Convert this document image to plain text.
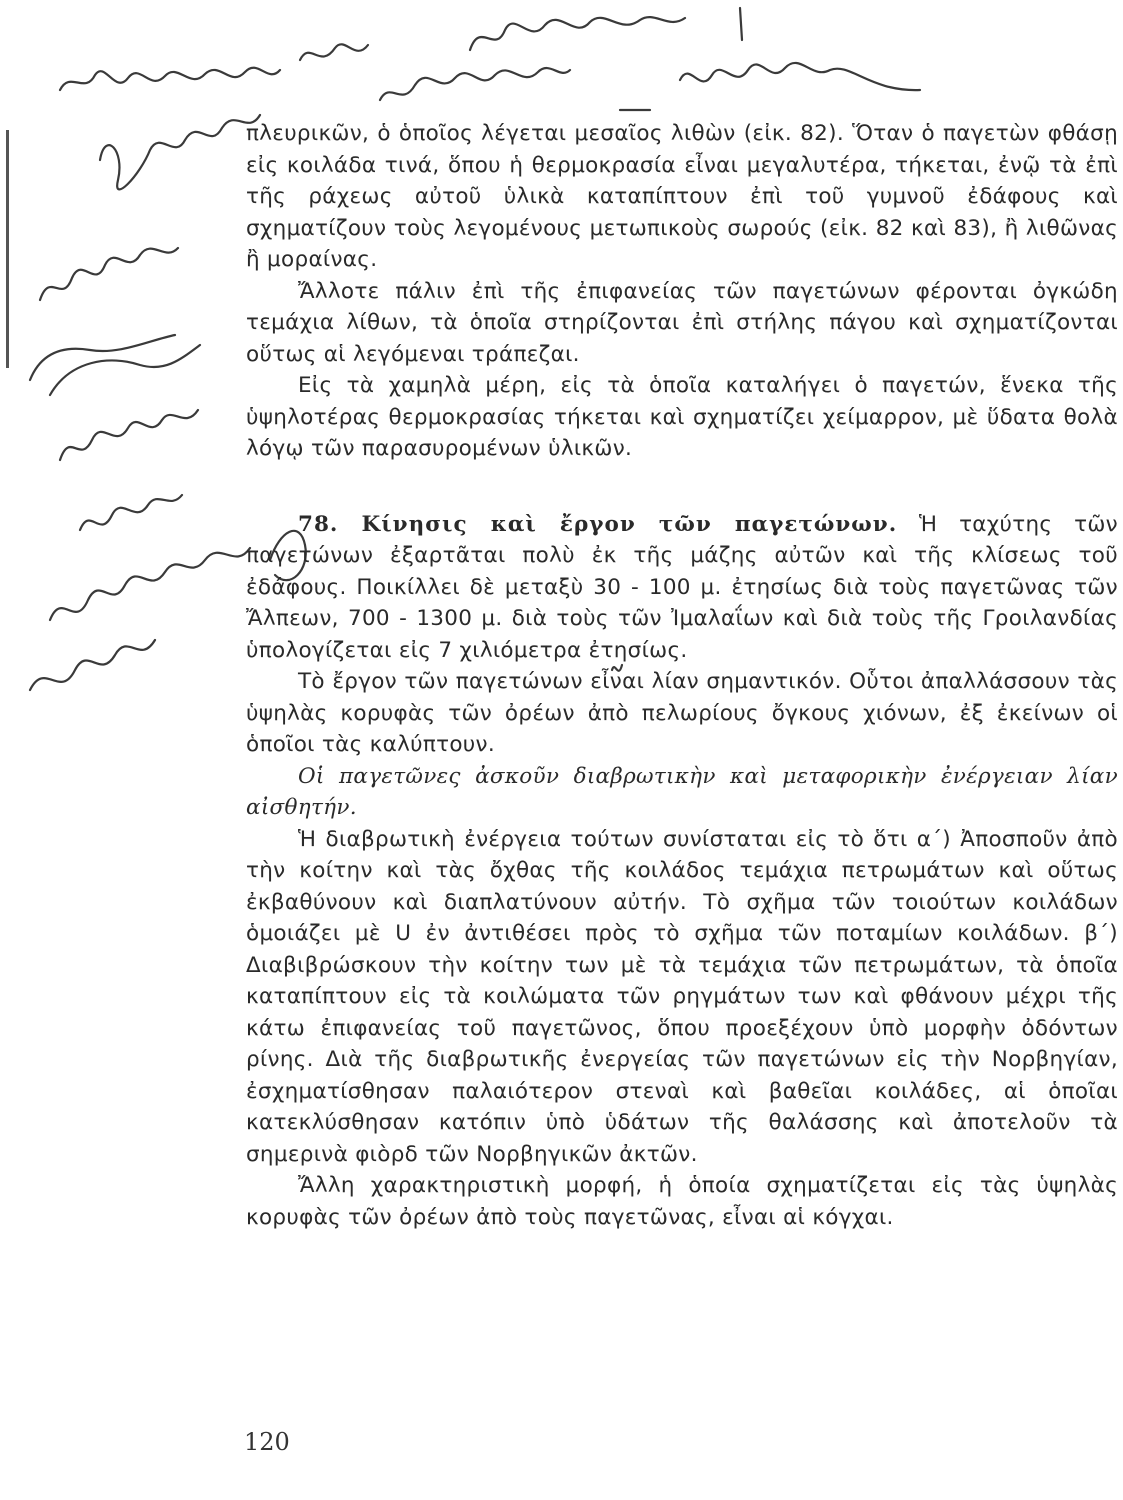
πλευρικῶν, ὁ ὁποῖος λέγεται μεσαῖος λιθὼν (εἰκ. 82). Ὅταν ὁ παγετὼν φθάσῃ εἰς κοιλάδα τινά, ὅπου ἡ θερμοκρασία εἶναι μεγαλυτέρα, τήκεται, ἐνῷ τὰ ἐπὶ τῆς ράχεως αὐτοῦ ὑλικὰ καταπίπτουν ἐπὶ τοῦ γυμνοῦ ἐδάφους καὶ σχηματίζουν τοὺς λεγομένους μετωπικοὺς σωρούς (εἰκ. 82 καὶ 83), ἢ λιθῶνας ἢ μοραίνας.

Ἄλλοτε πάλιν ἐπὶ τῆς ἐπιφανείας τῶν παγετώνων φέρονται ὀγκώδη τεμάχια λίθων, τὰ ὁποῖα στηρίζονται ἐπὶ στήλης πάγου καὶ σχηματίζονται οὕτως αἱ λεγόμεναι τράπεζαι.

Εἰς τὰ χαμηλὰ μέρη, εἰς τὰ ὁποῖα καταλήγει ὁ παγετών, ἕνεκα τῆς ὑψηλοτέρας θερμοκρασίας τήκεται καὶ σχηματίζει χείμαρρον, μὲ ὕδατα θολὰ λόγῳ τῶν παρασυρομένων ὑλικῶν.

78. Κίνησις καὶ ἔργον τῶν παγετώνων. Ἡ ταχύτης τῶν παγετώνων ἐξαρτᾶται πολὺ ἐκ τῆς μάζης αὐτῶν καὶ τῆς κλίσεως τοῦ ἐδάφους. Ποικίλλει δὲ μεταξὺ 30 - 100 μ. ἐτησίως διὰ τοὺς παγετῶνας τῶν Ἄλπεων, 700 - 1300 μ. διὰ τοὺς τῶν Ἰμαλαΐων καὶ διὰ τοὺς τῆς Γροιλανδίας ὑπολογίζεται εἰς 7 χιλιόμετρα ἐτησίως.

Τὸ ἔργον τῶν παγετώνων εἶναι λίαν σημαντικόν. Οὗτοι ἀπαλλάσσουν τὰς ὑψηλὰς κορυφὰς τῶν ὀρέων ἀπὸ πελωρίους ὄγκους χιόνων, ἐξ ἐκείνων οἱ ὁποῖοι τὰς καλύπτουν.

Οἱ παγετῶνες ἀσκοῦν διαβρωτικὴν καὶ μεταφορικὴν ἐνέργειαν λίαν αἰσθητήν.

Ἡ διαβρωτικὴ ἐνέργεια τούτων συνίσταται εἰς τὸ ὅτι α΄) Ἀποσποῦν ἀπὸ τὴν κοίτην καὶ τὰς ὄχθας τῆς κοιλάδος τεμάχια πετρωμάτων καὶ οὕτως ἐκβαθύνουν καὶ διαπλατύνουν αὐτήν. Τὸ σχῆμα τῶν τοιούτων κοιλάδων ὁμοιάζει μὲ U ἐν ἀντιθέσει πρὸς τὸ σχῆμα τῶν ποταμίων κοιλάδων. β΄) Διαβιβρώσκουν τὴν κοίτην των μὲ τὰ τεμάχια τῶν πετρωμάτων, τὰ ὁποῖα καταπίπτουν εἰς τὰ κοιλώματα τῶν ρηγμάτων των καὶ φθάνουν μέχρι τῆς κάτω ἐπιφανείας τοῦ παγετῶνος, ὅπου προεξέχουν ὑπὸ μορφὴν ὀδόντων ρίνης. Διὰ τῆς διαβρωτικῆς ἐνεργείας τῶν παγετώνων εἰς τὴν Νορβηγίαν, ἐσχηματίσθησαν παλαιότερον στεναὶ καὶ βαθεῖαι κοιλάδες, αἱ ὁποῖαι κατεκλύσθησαν κατόπιν ὑπὸ ὑδάτων τῆς θαλάσσης καὶ ἀποτελοῦν τὰ σημερινὰ φιὸρδ τῶν Νορβηγικῶν ἀκτῶν.

Ἄλλη χαρακτηριστικὴ μορφή, ἡ ὁποία σχηματίζεται εἰς τὰς ὑψηλὰς κορυφὰς τῶν ὀρέων ἀπὸ τοὺς παγετῶνας, εἶναι αἱ κόγχαι.

120
